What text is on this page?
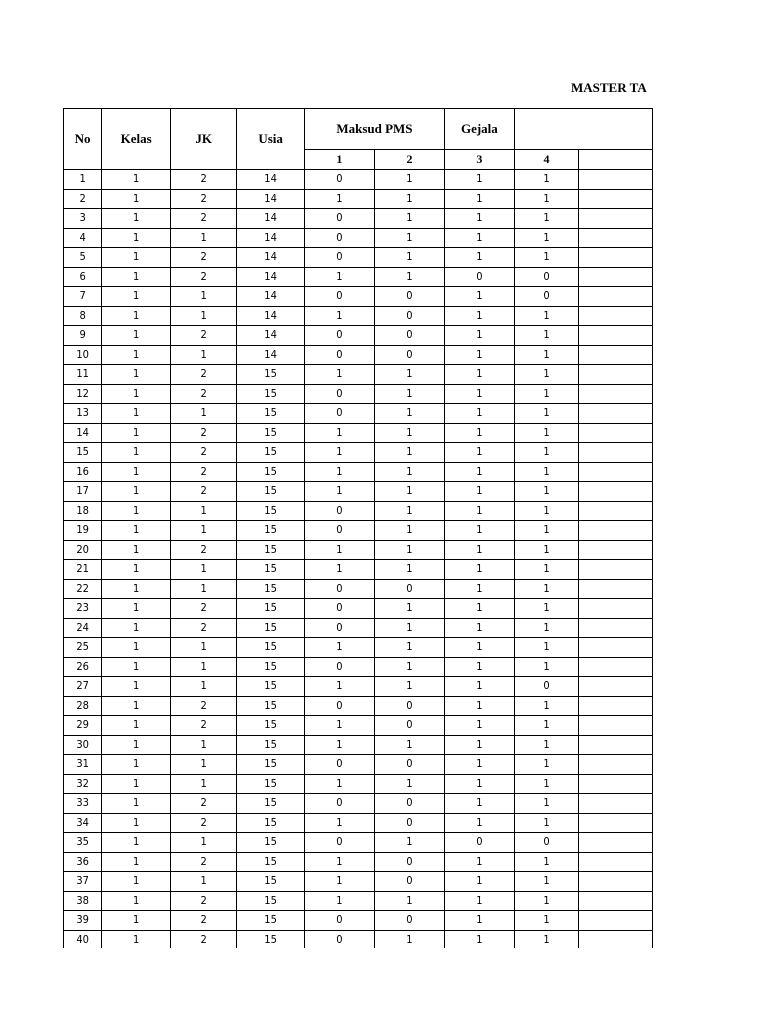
MASTER TA
No	Kelas	JK	Usia	Maksud PMS		Gejala		
				1	2	3	4	
1	1	2	14	0	1	1	1	
2	1	2	14	1	1	1	1	
3	1	2	14	0	1	1	1	
4	1	1	14	0	1	1	1	
5	1	2	14	0	1	1	1	
6	1	2	14	1	1	0	0	
7	1	1	14	0	0	1	0	
8	1	1	14	1	0	1	1	
9	1	2	14	0	0	1	1	
10	1	1	14	0	0	1	1	
11	1	2	15	1	1	1	1	
12	1	2	15	0	1	1	1	
13	1	1	15	0	1	1	1	
14	1	2	15	1	1	1	1	
15	1	2	15	1	1	1	1	
16	1	2	15	1	1	1	1	
17	1	2	15	1	1	1	1	
18	1	1	15	0	1	1	1	
19	1	1	15	0	1	1	1	
20	1	2	15	1	1	1	1	
21	1	1	15	1	1	1	1	
22	1	1	15	0	0	1	1	
23	1	2	15	0	1	1	1	
24	1	2	15	0	1	1	1	
25	1	1	15	1	1	1	1	
26	1	1	15	0	1	1	1	
27	1	1	15	1	1	1	0	
28	1	2	15	0	0	1	1	
29	1	2	15	1	0	1	1	
30	1	1	15	1	1	1	1	
31	1	1	15	0	0	1	1	
32	1	1	15	1	1	1	1	
33	1	2	15	0	0	1	1	
34	1	2	15	1	0	1	1	
35	1	1	15	0	1	0	0	
36	1	2	15	1	0	1	1	
37	1	1	15	1	0	1	1	
38	1	2	15	1	1	1	1	
39	1	2	15	0	0	1	1	
40	1	2	15	0	1	1	1	
